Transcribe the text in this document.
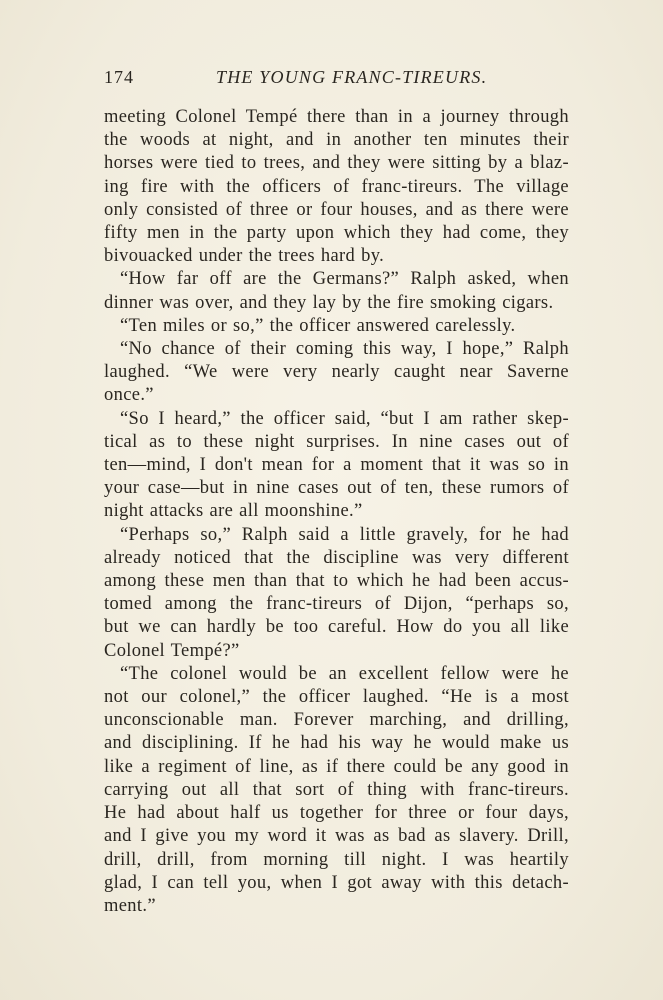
174	THE YOUNG FRANC-TIREURS.

meeting Colonel Tempé there than in a journey through

the woods at night, and in another ten minutes their

horses were tied to trees, and they were sitting by a blaz-

ing fire with the officers of franc-tireurs. The village

only consisted of three or four houses, and as there were

fifty men in the party upon which they had come, they

bivouacked under the trees hard by.

“How far off are the Germans?” Ralph asked, when

dinner was over, and they lay by the fire smoking cigars.

“Ten miles or so,” the officer answered carelessly.

“No chance of their coming this way, I hope,” Ralph

laughed. “We were very nearly caught near Saverne

once.”

“So I heard,” the officer said, “but I am rather skep-

tical as to these night surprises. In nine cases out of

ten—mind, I don't mean for a moment that it was so in

your case—but in nine cases out of ten, these rumors of

night attacks are all moonshine.”

“Perhaps so,” Ralph said a little gravely, for he had

already noticed that the discipline was very different

among these men than that to which he had been accus-

tomed among the franc-tireurs of Dijon, “perhaps so,

but we can hardly be too careful. How do you all like

Colonel Tempé?”

“The colonel would be an excellent fellow were he

not our colonel,” the officer laughed. “He is a most

unconscionable man. Forever marching, and drilling,

and disciplining. If he had his way he would make us

like a regiment of line, as if there could be any good in

carrying out all that sort of thing with franc-tireurs.

He had about half us together for three or four days,

and I give you my word it was as bad as slavery. Drill,

drill, drill, from morning till night. I was heartily

glad, I can tell you, when I got away with this detach-

ment.”
